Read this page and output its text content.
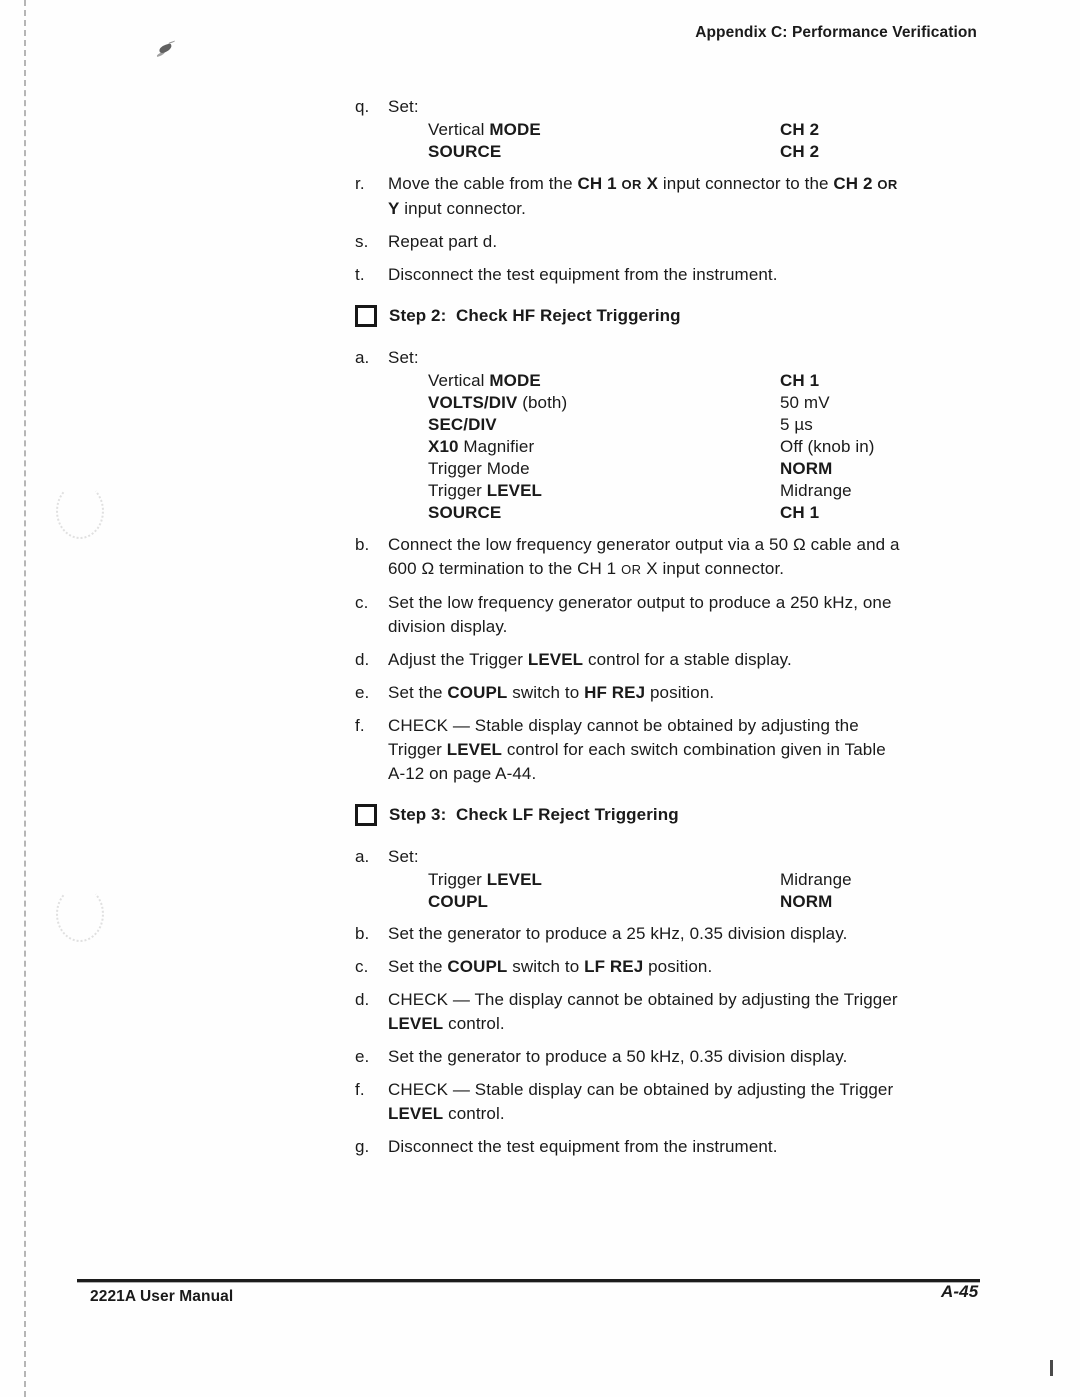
Appendix C: Performance Verification
q.	Set:
Vertical MODE	CH 2
SOURCE	CH 2
r.	Move the cable from the CH 1 OR X input connector to the CH 2 OR
Y input connector.
s.	Repeat part d.
t.	Disconnect the test equipment from the instrument.
Step 2:  Check HF Reject Triggering
a.	Set:
Vertical MODE	CH 1
VOLTS/DIV (both)	50 mV
SEC/DIV	5 µs
X10 Magnifier	Off (knob in)
Trigger Mode	NORM
Trigger LEVEL	Midrange
SOURCE	CH 1
b.	Connect the low frequency generator output via a 50 Ω cable and a
600 Ω termination to the CH 1 OR X input connector.
c.	Set the low frequency generator output to produce a 250 kHz, one
division display.
d.	Adjust the Trigger LEVEL control for a stable display.
e.	Set the COUPL switch to HF REJ position.
f.	CHECK — Stable display cannot be obtained by adjusting the
Trigger LEVEL control for each switch combination given in Table
A-12 on page A-44.
Step 3:  Check LF Reject Triggering
a.	Set:
Trigger LEVEL	Midrange
COUPL	NORM
b.	Set the generator to produce a 25 kHz, 0.35 division display.
c.	Set the COUPL switch to LF REJ position.
d.	CHECK — The display cannot be obtained by adjusting the Trigger
LEVEL control.
e.	Set the generator to produce a 50 kHz, 0.35 division display.
f.	CHECK — Stable display can be obtained by adjusting the Trigger
LEVEL control.
g.	Disconnect the test equipment from the instrument.
2221A User Manual	A-45
